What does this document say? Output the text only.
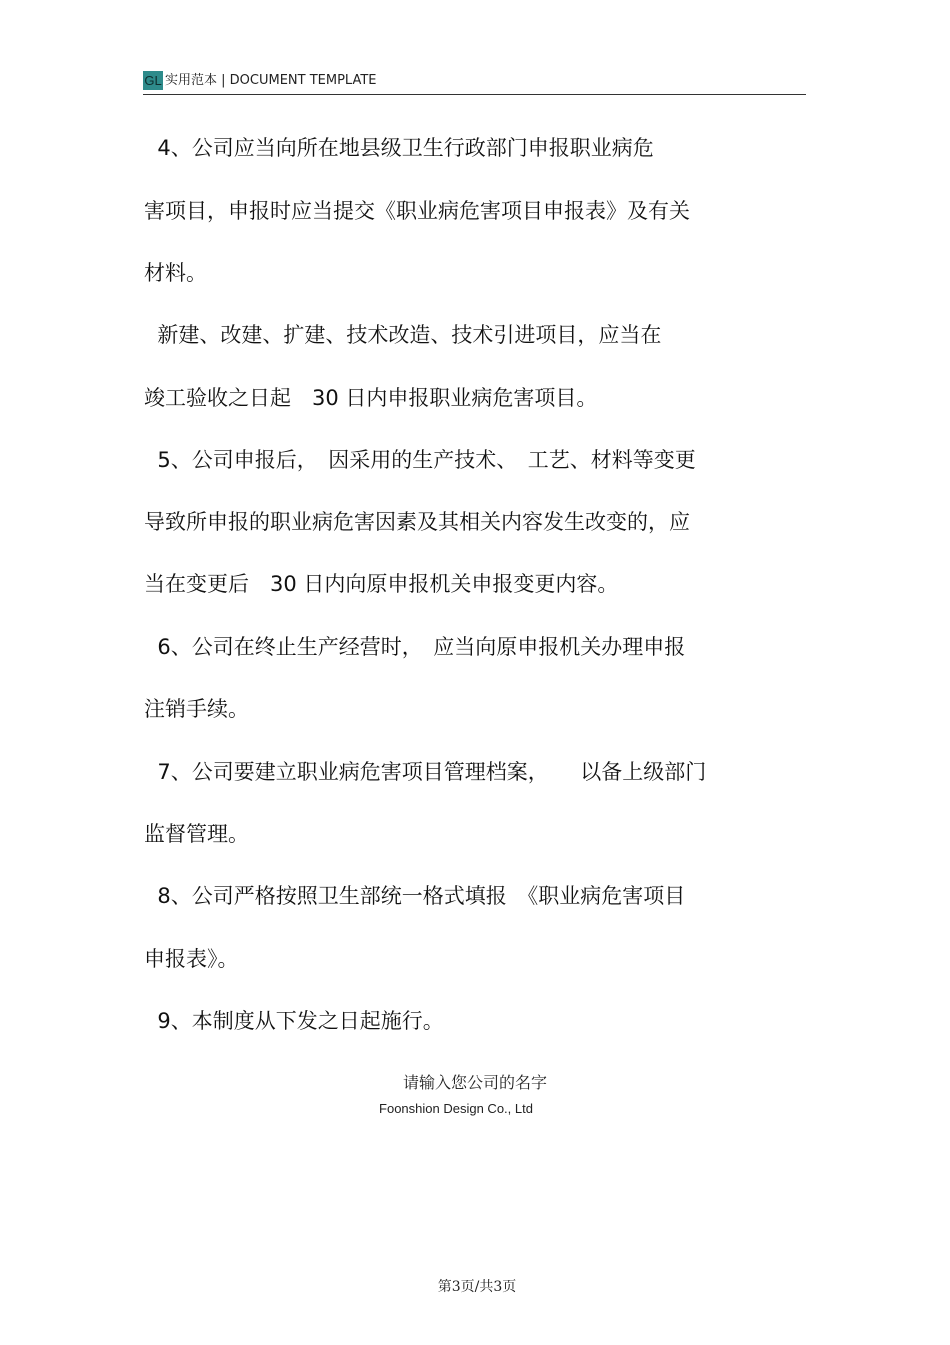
GL 实用范本 | DOCUMENT TEMPLATE
4、公司应当向所在地县级卫生行政部门申报职业病危
害项目，申报时应当提交《职业病危害项目申报表》及有关
材料。
新建、改建、扩建、技术改造、技术引进项目，应当在
竣工验收之日起　30 日内申报职业病危害项目。
5、公司申报后，　因采用的生产技术、　工艺、材料等变更
导致所申报的职业病危害因素及其相关内容发生改变的，应
当在变更后　30 日内向原申报机关申报变更内容。
6、公司在终止生产经营时，　应当向原申报机关办理申报
注销手续。
7、公司要建立职业病危害项目管理档案，　　以备上级部门
监督管理。
8、公司严格按照卫生部统一格式填报　《职业病危害项目
申报表》。
9、本制度从下发之日起施行。
请输入您公司的名字
Foonshion Design Co., Ltd
第3页/共3页
